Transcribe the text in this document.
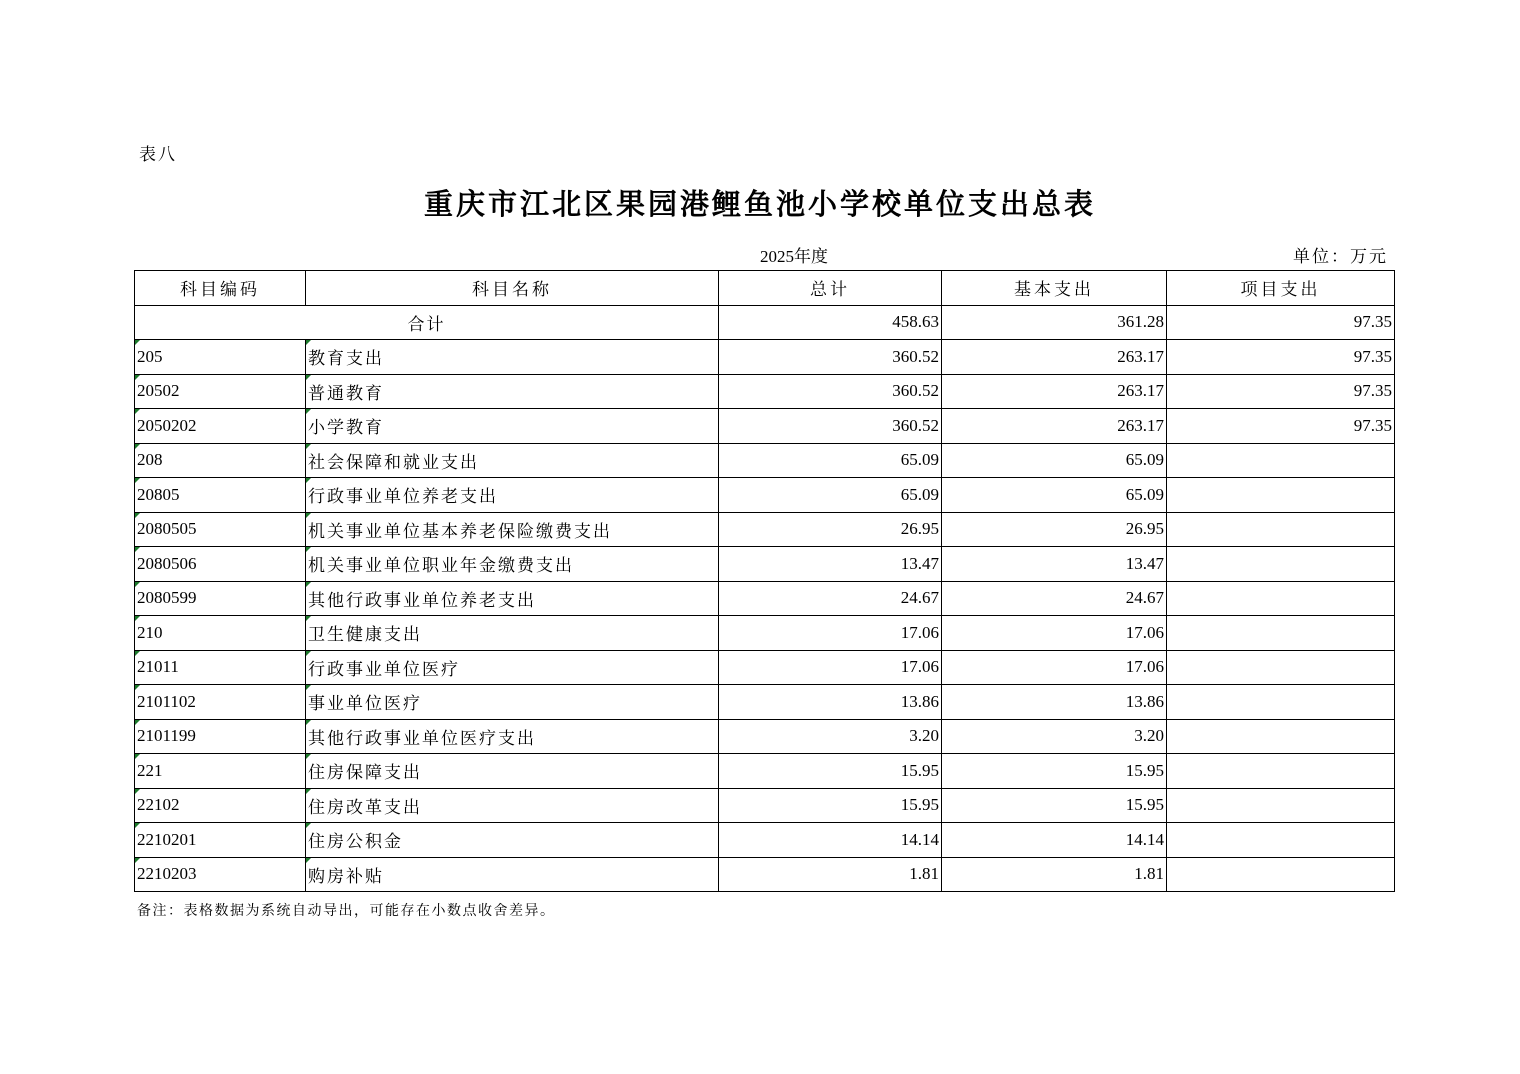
表八
重庆市江北区果园港鲤鱼池小学校单位支出总表
2025年度	单位：万元
科目编码	科目名称	总计	基本支出	项目支出
合计		458.63	361.28	97.35

205	教育支出	360.52	263.17	97.35

20502	普通教育	360.52	263.17	97.35

2050202	小学教育	360.52	263.17	97.35

208	社会保障和就业支出	65.09	65.09	

20805	行政事业单位养老支出	65.09	65.09	

2080505	机关事业单位基本养老保险缴费支出	26.95	26.95	

2080506	机关事业单位职业年金缴费支出	13.47	13.47	

2080599	其他行政事业单位养老支出	24.67	24.67	

210	卫生健康支出	17.06	17.06	

21011	行政事业单位医疗	17.06	17.06	

2101102	事业单位医疗	13.86	13.86	

2101199	其他行政事业单位医疗支出	3.20	3.20	

221	住房保障支出	15.95	15.95	

22102	住房改革支出	15.95	15.95	

2210201	住房公积金	14.14	14.14	

2210203	购房补贴	1.81	1.81	
备注：表格数据为系统自动导出，可能存在小数点收舍差异。
